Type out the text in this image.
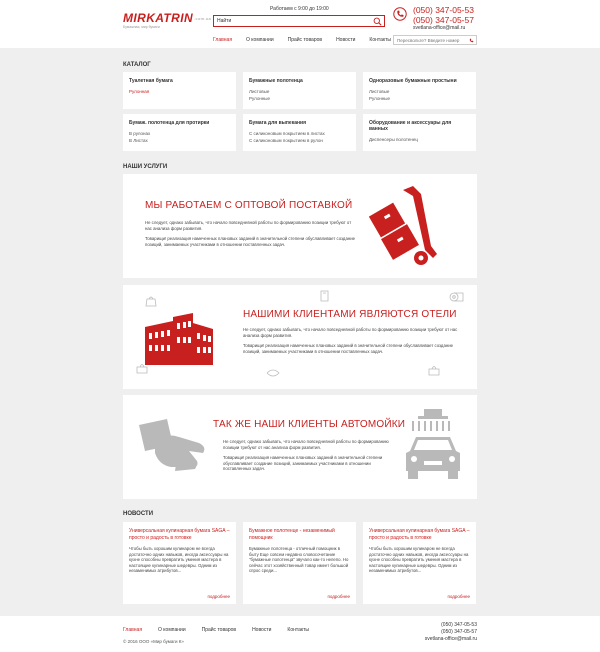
MIRKATRIN.com.ua
Бумажная, мир бумаги
Работаем с 9:00 до 19:00
Найти	(050) 347-05-53
(050) 347-05-57
svetlana-office@mail.ru
Главная	О компании	Прайс товаров	Новости	Контакты
Пересвольте? Введите номер
КАТАЛОГ
Туалетная бумага
Рулонная
Бумажные полотенца
Листовые
Рулонные
Одноразовые бумажные простыни
Листовые
Рулонные
Бумаж. полотенца для протирки
В рулонах
В Листах
Бумага для выпекания
С силиконовым покрытием в листах
С силиконовым покрытием в рулон
Оборудование и аксессуары для ванных
Диспенсеры полотенец
НАШИ УСЛУГИ
МЫ РАБОТАЕМ С ОПТОВОЙ ПОСТАВКОЙ
Не следует, однако забывать, что начало повседневной работы по формированию позиции требуют от нас анализа форм развития.
Товарищи! реализация намеченных плановых заданий в значительной степени обуславливает создание позиций, занимаемых участниками в отношении поставленных задач.
НАШИМИ КЛИЕНТАМИ ЯВЛЯЮТСЯ ОТЕЛИ
Не следует, однако забывать, что начало повседневной работы по формированию позиции требуют от нас анализа форм развития.
Товарищи! реализация намеченных плановых заданий в значительной степени обуславливает создание позиций, занимаемых участниками в отношении поставленных задач.
ТАК ЖЕ НАШИ КЛИЕНТЫ АВТОМОЙКИ
Не следует, однако забывать, что начало повседневной работы по формированию позиции требуют от нас анализа форм развития.
Товарищи! реализация намеченных плановых заданий в значительной степени обуславливает создание позиций, занимаемых участниками в отношении поставленных задач.
НОВОСТИ
Универсальная кулинарная бумага SAGA – просто и радость в готовке
Чтобы быть хорошим кулинаром не всегда достаточно одних навыков, иногда аксессуары на кухне способны превратить умения мастера в настоящие кулинарные шедевры. Одним из незаменимых атрибутов...
подробнее
Бумажное полотенце - незаменимый помощник
Бумажные полотенца - отличный помощник в быту Еще совсем недавно словосочетание "бумажные полотенца" звучало как-то нелепо. Но сейчас этот хозяйственный товар имеет большой спрос среди...
подробнее
Универсальная кулинарная бумага SAGA – просто и радость в готовке
Чтобы быть хорошим кулинаром не всегда достаточно одних навыков, иногда аксессуары на кухне способны превратить умения мастера в настоящие кулинарные шедевры. Одним из незаменимых атрибутов...
подробнее
Главная	О компании	Прайс товаров	Новости	Контакты
© 2016 ООО «Мир бумаги К»
(050) 347-05-53
(050) 347-05-57
svetlana-office@mail.ru
